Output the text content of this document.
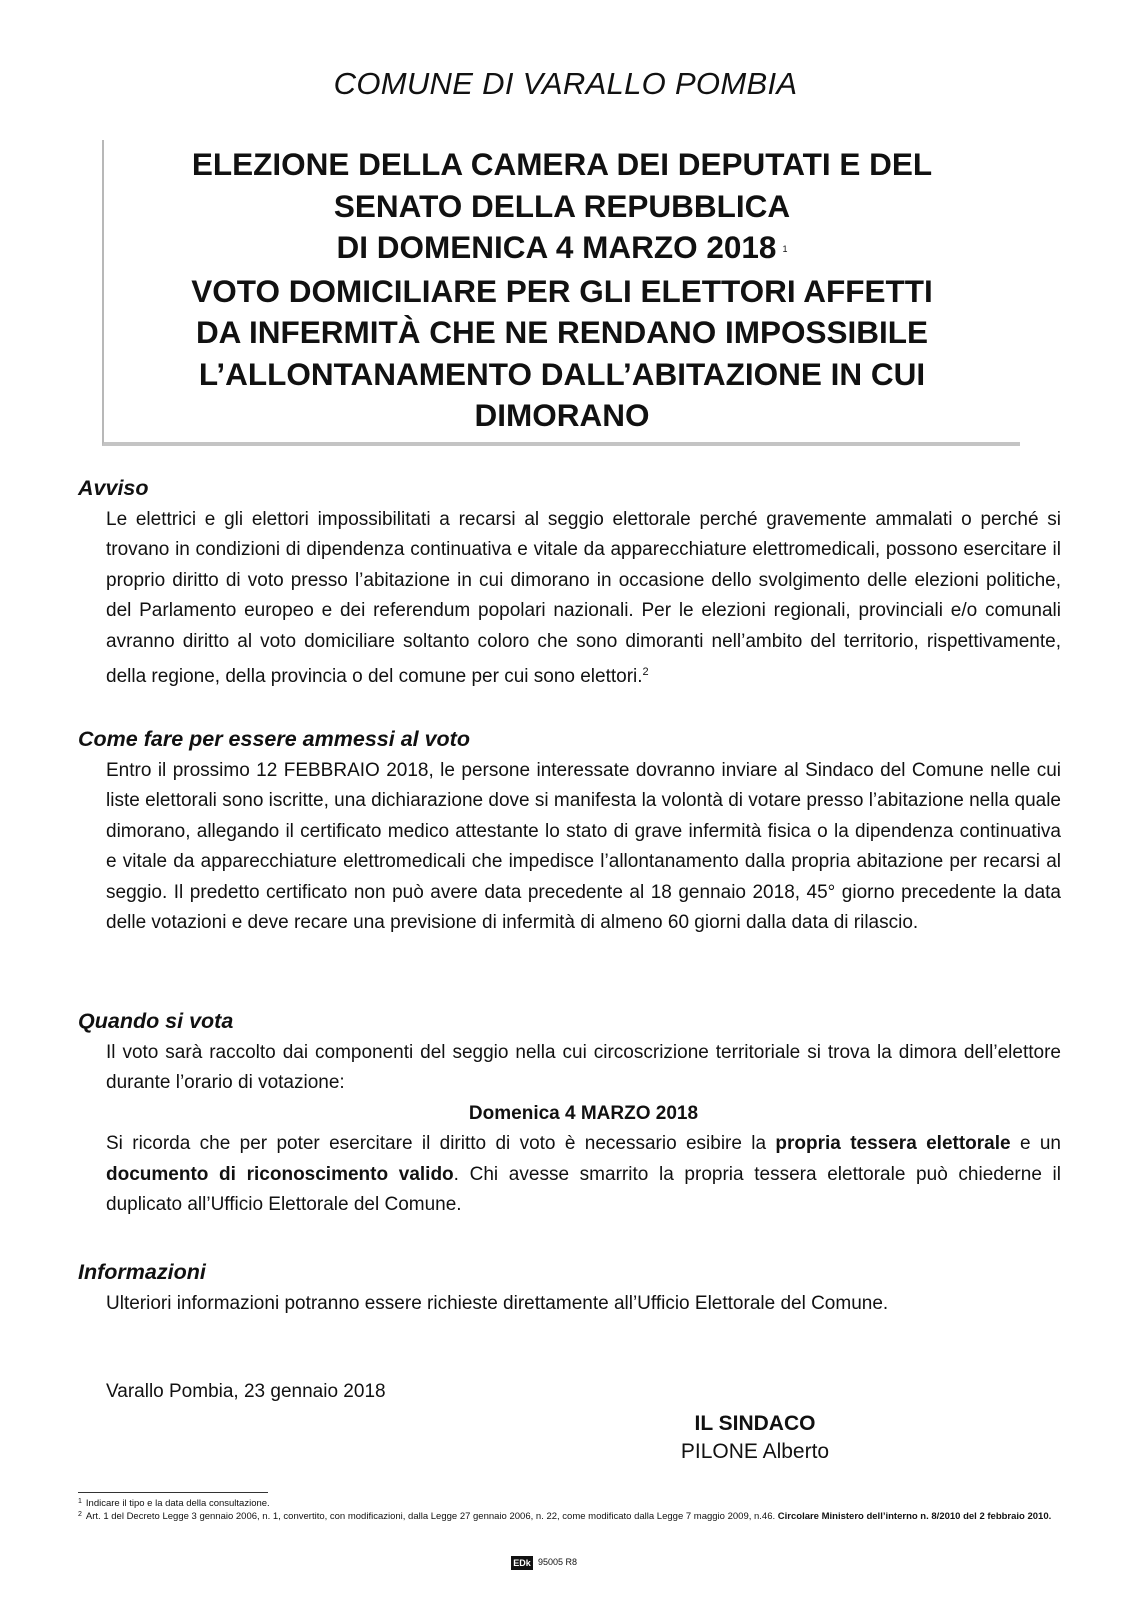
COMUNE DI VARALLO POMBIA
ELEZIONE DELLA CAMERA DEI DEPUTATI E DEL
SENATO DELLA REPUBBLICA
DI DOMENICA 4 MARZO 2018 $^1$
VOTO DOMICILIARE PER GLI ELETTORI AFFETTI
DA INFERMITÀ CHE NE RENDANO IMPOSSIBILE
L’ALLONTANAMENTO DALL’ABITAZIONE IN CUI
DIMORANO
Avviso

Le elettrici e gli elettori impossibilitati a recarsi al seggio elettorale perché gravemente ammalati o perché si trovano in condizioni di dipendenza continuativa e vitale da apparecchiature elettromedicali, possono esercitare il proprio diritto di voto presso l’abitazione in cui dimorano in occasione dello svolgimento delle elezioni politiche, del Parlamento europeo e dei referendum popolari nazionali. Per le elezioni regionali, provinciali e/o comunali avranno diritto al voto domiciliare soltanto coloro che sono dimoranti nell’ambito del territorio, rispettivamente, della regione, della provincia o del comune per cui sono elettori.$^2$

Come fare per essere ammessi al voto

Entro il prossimo 12 FEBBRAIO 2018, le persone interessate dovranno inviare al Sindaco del Comune nelle cui liste elettorali sono iscritte, una dichiarazione dove si manifesta la volontà di votare presso l’abitazione nella quale dimorano, allegando il certificato medico attestante lo stato di grave infermità fisica o la dipendenza continuativa e vitale da apparecchiature elettromedicali che impedisce l’allontanamento dalla propria abitazione per recarsi al seggio. Il predetto certificato non può avere data precedente al 18 gennaio 2018, 45° giorno precedente la data delle votazioni e deve recare una previsione di infermità di almeno 60 giorni dalla data di rilascio.

Quando si vota

Il voto sarà raccolto dai componenti del seggio nella cui circoscrizione territoriale si trova la dimora dell’elettore durante l’orario di votazione:

Domenica 4 MARZO 2018

Si ricorda che per poter esercitare il diritto di voto è necessario esibire la propria tessera elettorale e un documento di riconoscimento valido. Chi avesse smarrito la propria tessera elettorale può chiederne il duplicato all’Ufficio Elettorale del Comune.

Informazioni

Ulteriori informazioni potranno essere richieste direttamente all’Ufficio Elettorale del Comune.

Varallo Pombia, 23 gennaio 2018
IL SINDACO
PILONE Alberto
$^1$ Indicare il tipo e la data della consultazione.
$^2$ Art. 1 del Decreto Legge 3 gennaio 2006, n. 1, convertito, con modificazioni, dalla Legge 27 gennaio 2006, n. 22, come modificato dalla Legge 7 maggio 2009, n.46. Circolare Ministero dell’interno n. 8/2010 del 2 febbraio 2010.
EDk 95005 R8
